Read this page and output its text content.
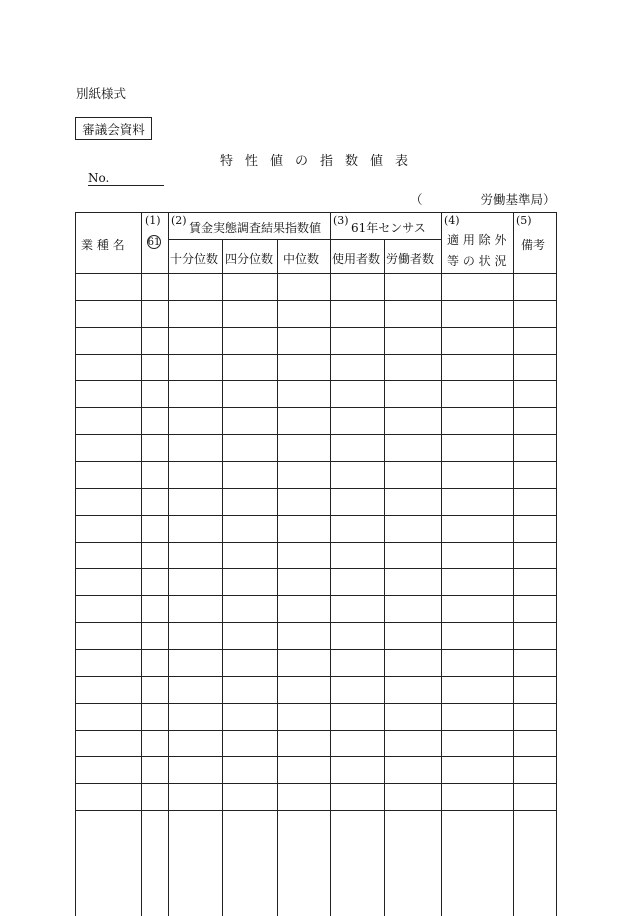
別紙様式
審議会資料
特性値の指数値表
No.
（	労働基準局）
業 種 名
(1)
61
(2)
賃金実態調査結果指数値
十分位数 四分位数 中位数
(3)
61年センサス
使用者数 労働者数
(4)
適 用 除 外
等 の 状 況
(5)
備考
